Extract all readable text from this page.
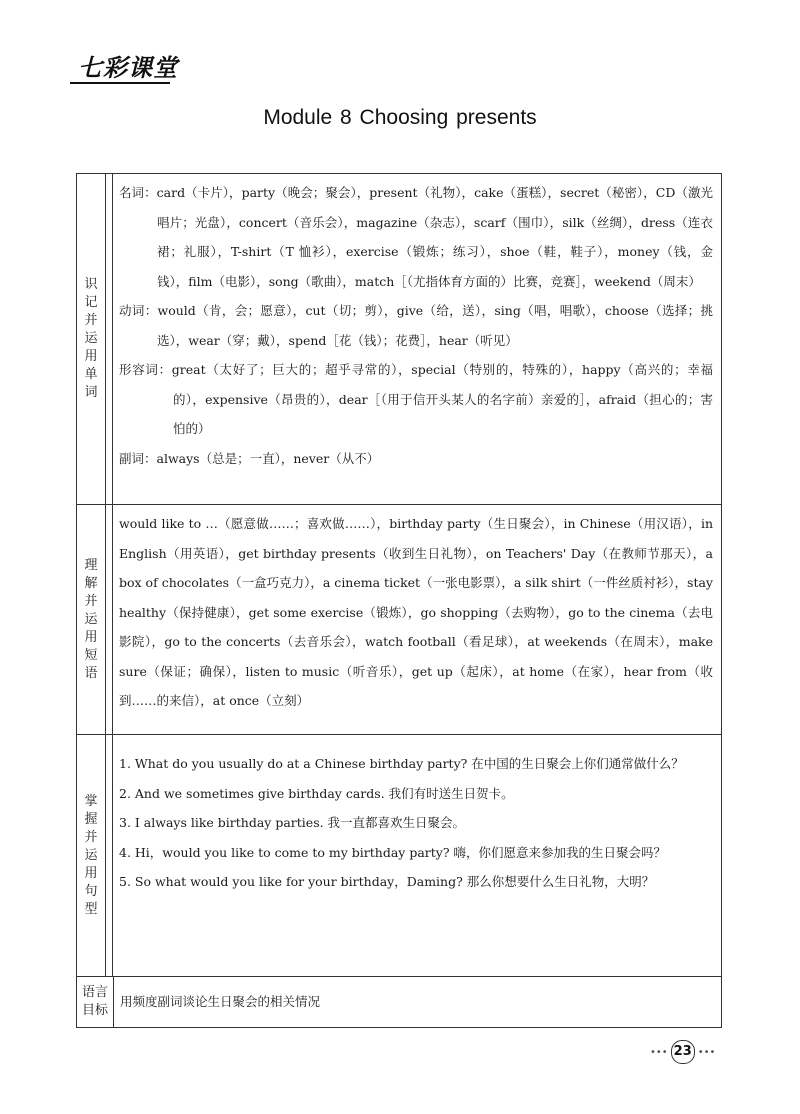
七彩课堂
Module 8 Choosing presents
识记并运用单词

名词：card（卡片），party（晚会；聚会），present（礼物），cake（蛋糕），secret（秘密），CD（激光唱片；光盘），concert（音乐会），magazine（杂志），scarf（围巾），silk（丝绸），dress（连衣裙；礼服），T-shirt（T 恤衫），exercise（锻炼；练习），shoe（鞋，鞋子），money（钱，金钱），film（电影），song（歌曲），match［（尤指体育方面的）比赛，竞赛］，weekend（周末）

动词：would（肯，会；愿意），cut（切；剪），give（给，送），sing（唱，唱歌），choose（选择；挑选），wear（穿；戴），spend［花（钱）；花费］，hear（听见）

形容词：great（太好了；巨大的；超乎寻常的），special（特别的，特殊的），happy（高兴的；幸福的），expensive（昂贵的），dear［（用于信开头某人的名字前）亲爱的］，afraid（担心的；害怕的）

副词：always（总是；一直），never（从不）

理解并运用短语

would like to …（愿意做……；喜欢做……），birthday party（生日聚会），in Chinese（用汉语），in English（用英语），get birthday presents（收到生日礼物），on Teachers' Day（在教师节那天），a box of chocolates（一盒巧克力），a cinema ticket（一张电影票），a silk shirt（一件丝质衬衫），stay healthy（保持健康），get some exercise（锻炼），go shopping（去购物），go to the cinema（去电影院），go to the concerts（去音乐会），watch football（看足球），at weekends（在周末），make sure（保证；确保），listen to music（听音乐），get up（起床），at home（在家），hear from（收到……的来信），at once（立刻）

掌握并运用句型

1. What do you usually do at a Chinese birthday party? 在中国的生日聚会上你们通常做什么？

2. And we sometimes give birthday cards. 我们有时送生日贺卡。

3. I always like birthday parties. 我一直都喜欢生日聚会。

4. Hi，would you like to come to my birthday party? 嗨，你们愿意来参加我的生日聚会吗？

5. So what would you like for your birthday，Daming? 那么你想要什么生日礼物，大明？

语言目标

用频度副词谈论生日聚会的相关情况

••• 23 •••
